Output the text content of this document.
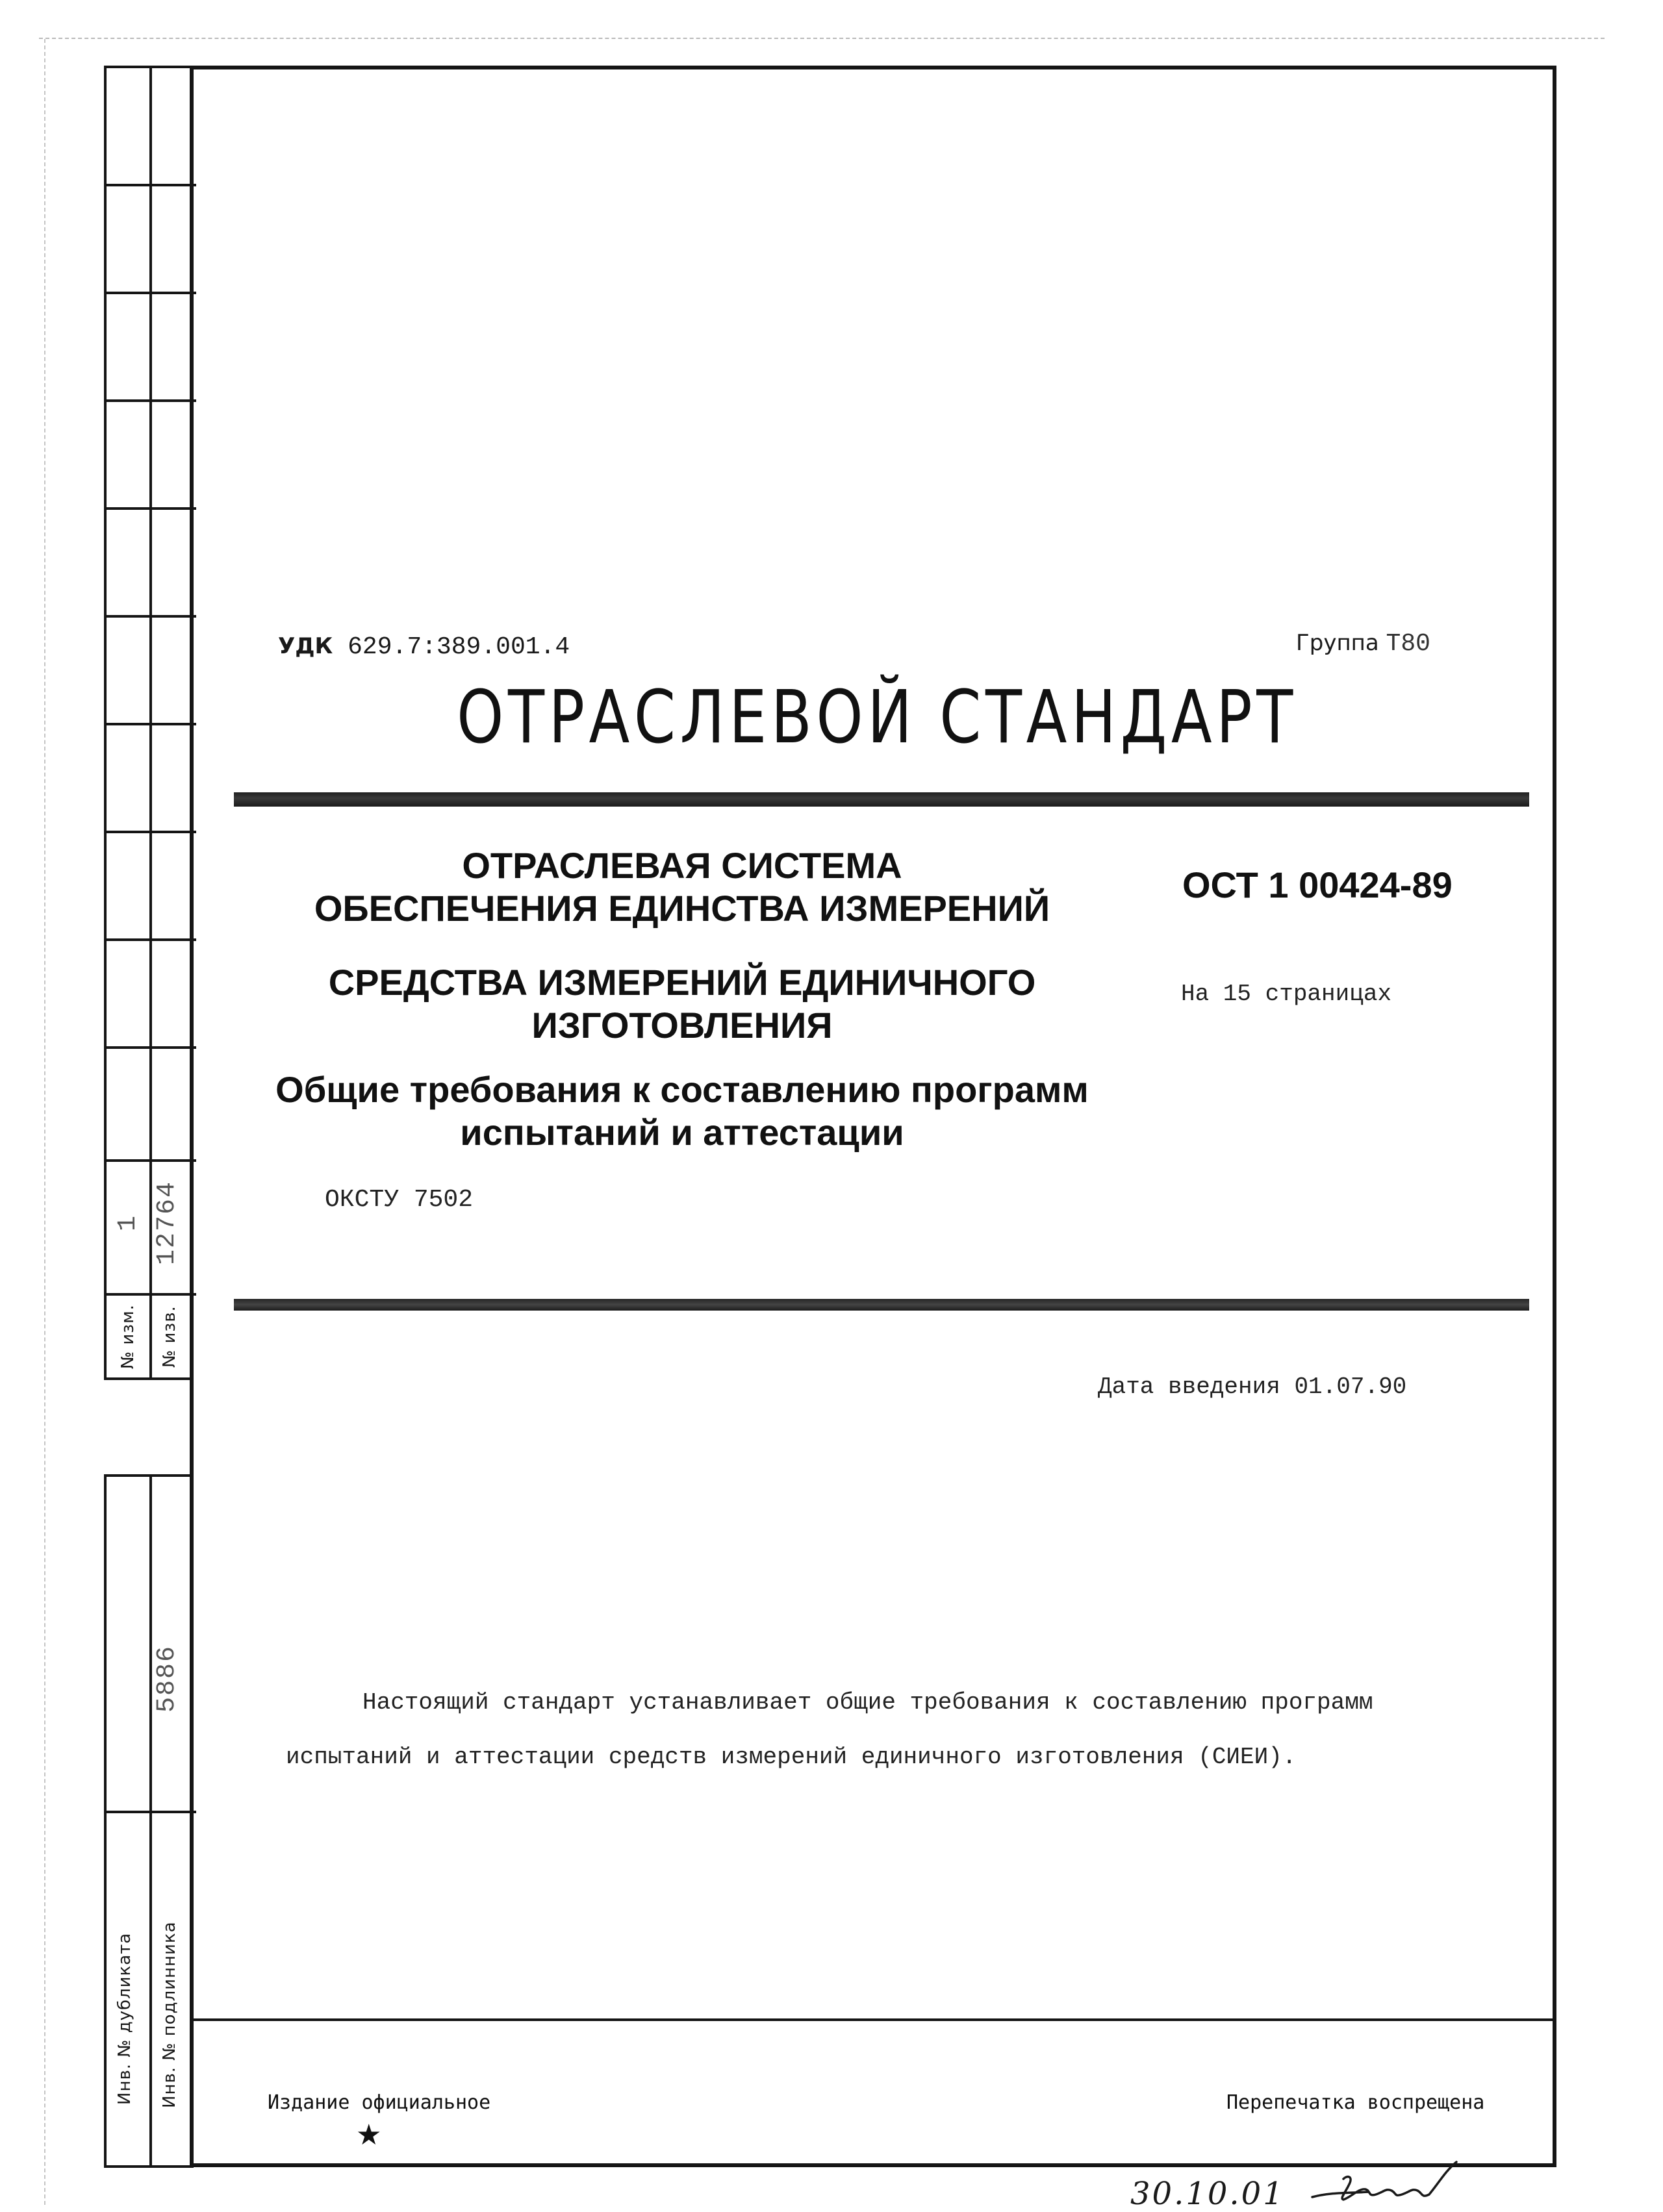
1 12764
№ изм. № изв.
5886
Инв. № дубликата Инв. № подлинника
УДК 629.7:389.001.4	Группа Т80
ОТРАСЛЕВОЙ СТАНДАРТ
ОТРАСЛЕВАЯ СИСТЕМА
ОБЕСПЕЧЕНИЯ ЕДИНСТВА ИЗМЕРЕНИЙ
СРЕДСТВА ИЗМЕРЕНИЙ ЕДИНИЧНОГО
ИЗГОТОВЛЕНИЯ
Общие требования к составлению программ
испытаний и аттестации
ОСТ 1 00424-89
На 15 страницах
ОКСТУ 7502
Дата введения 01.07.90
Настоящий стандарт устанавливает общие требования к составлению программ
испытаний и аттестации средств измерений единичного изготовления (СИЕИ).
Издание официальное
★
Перепечатка воспрещена
30.10.01
